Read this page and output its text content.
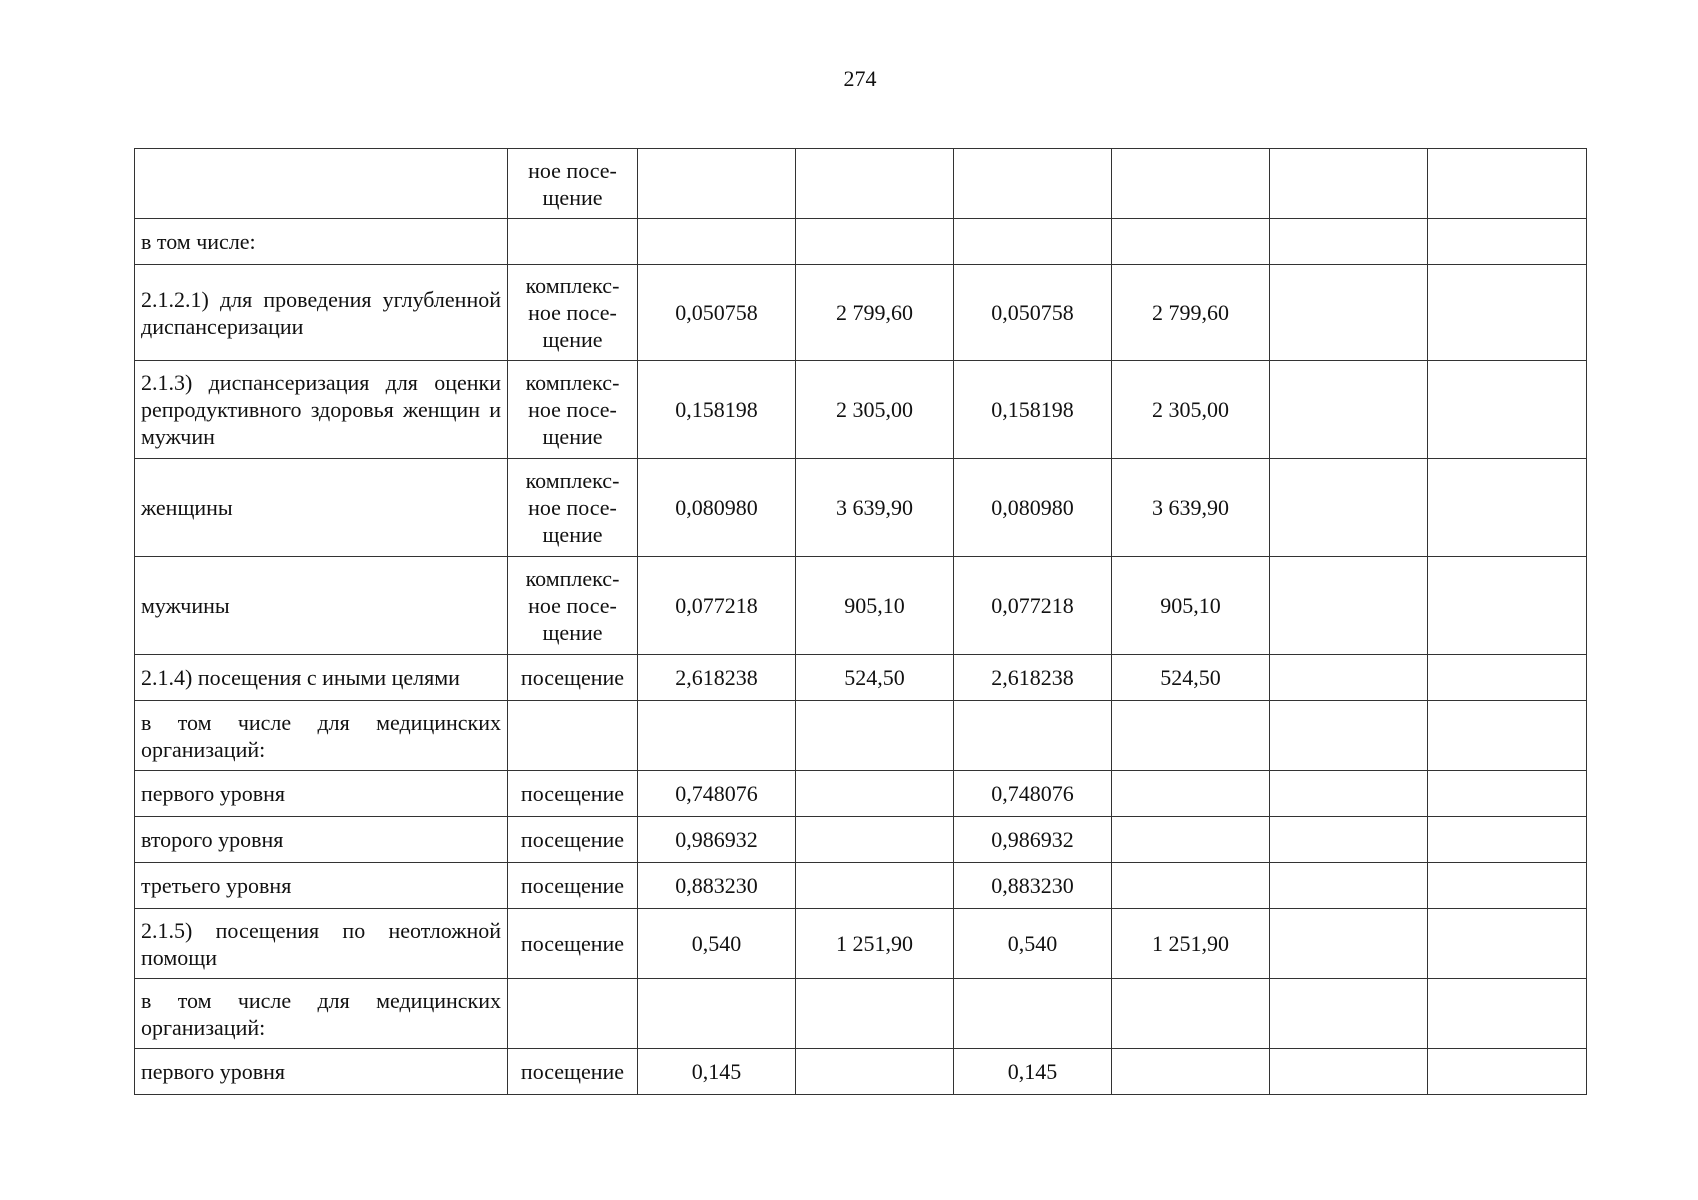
274

	ное посе-
щение						

в том числе:							
2.1.2.1) для проведения углубленной диспансеризации	комплекс-
ное посе-
щение	0,050758	2 799,60	0,050758	2 799,60		
2.1.3) диспансеризация для оценки репродуктивного здоровья женщин и мужчин	комплекс-
ное посе-
щение	0,158198	2 305,00	0,158198	2 305,00		
женщины	комплекс-
ное посе-
щение	0,080980	3 639,90	0,080980	3 639,90		
мужчины	комплекс-
ное посе-
щение	0,077218	905,10	0,077218	905,10		
2.1.4) посещения с иными целями	посещение	2,618238	524,50	2,618238	524,50		
в том числе для медицинских организаций:							
первого уровня	посещение	0,748076		0,748076			
второго уровня	посещение	0,986932		0,986932			
третьего уровня	посещение	0,883230		0,883230			
2.1.5) посещения по неотложной помощи	посещение	0,540	1 251,90	0,540	1 251,90		
в том числе для медицинских организаций:							
первого уровня	посещение	0,145		0,145			
